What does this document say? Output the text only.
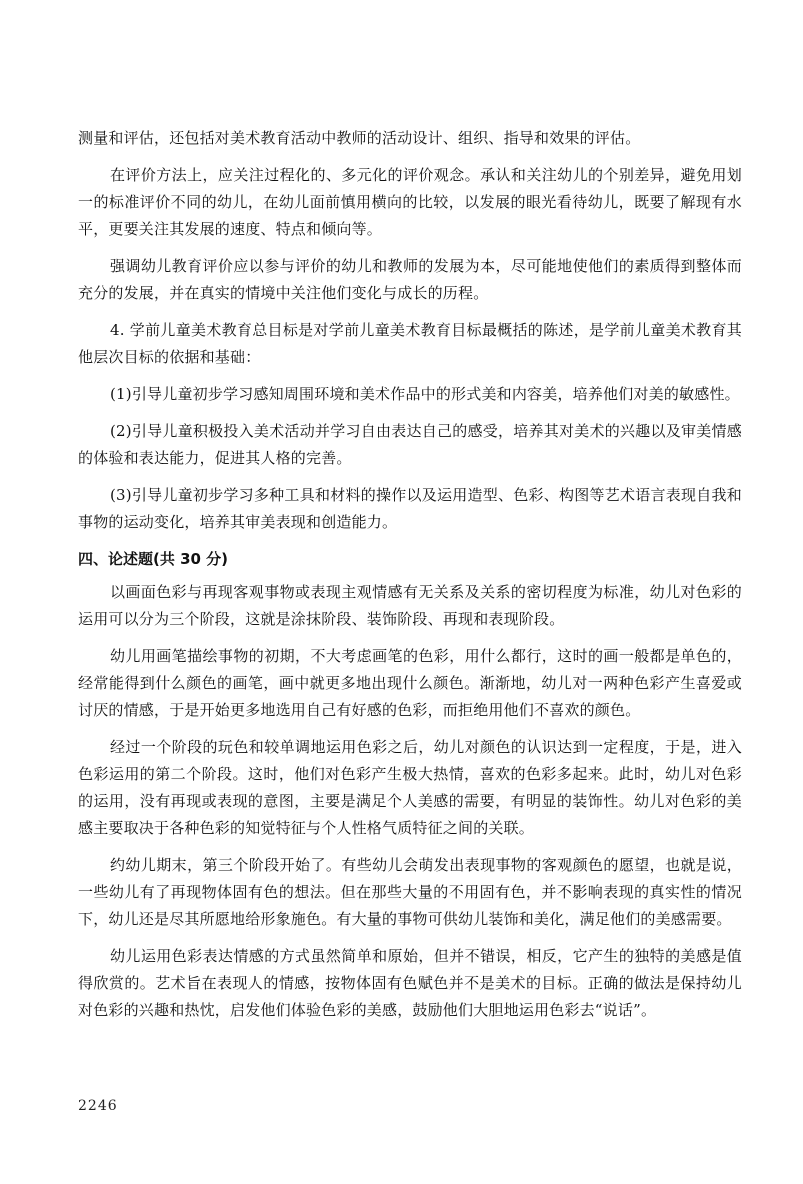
测量和评估，还包括对美术教育活动中教师的活动设计、组织、指导和效果的评估。

在评价方法上，应关注过程化的、多元化的评价观念。承认和关注幼儿的个别差异，避免用划一的标准评价不同的幼儿，在幼儿面前慎用横向的比较，以发展的眼光看待幼儿，既要了解现有水平，更要关注其发展的速度、特点和倾向等。

强调幼儿教育评价应以参与评价的幼儿和教师的发展为本，尽可能地使他们的素质得到整体而充分的发展，并在真实的情境中关注他们变化与成长的历程。

4. 学前儿童美术教育总目标是对学前儿童美术教育目标最概括的陈述，是学前儿童美术教育其他层次目标的依据和基础：

(1)引导儿童初步学习感知周围环境和美术作品中的形式美和内容美，培养他们对美的敏感性。

(2)引导儿童积极投入美术活动并学习自由表达自己的感受，培养其对美术的兴趣以及审美情感的体验和表达能力，促进其人格的完善。

(3)引导儿童初步学习多种工具和材料的操作以及运用造型、色彩、构图等艺术语言表现自我和事物的运动变化，培养其审美表现和创造能力。

四、论述题(共 30 分)

以画面色彩与再现客观事物或表现主观情感有无关系及关系的密切程度为标准，幼儿对色彩的运用可以分为三个阶段，这就是涂抹阶段、装饰阶段、再现和表现阶段。

幼儿用画笔描绘事物的初期，不大考虑画笔的色彩，用什么都行，这时的画一般都是单色的，经常能得到什么颜色的画笔，画中就更多地出现什么颜色。渐渐地，幼儿对一两种色彩产生喜爱或讨厌的情感，于是开始更多地选用自己有好感的色彩，而拒绝用他们不喜欢的颜色。

经过一个阶段的玩色和较单调地运用色彩之后，幼儿对颜色的认识达到一定程度，于是，进入色彩运用的第二个阶段。这时，他们对色彩产生极大热情，喜欢的色彩多起来。此时，幼儿对色彩的运用，没有再现或表现的意图，主要是满足个人美感的需要，有明显的装饰性。幼儿对色彩的美感主要取决于各种色彩的知觉特征与个人性格气质特征之间的关联。

约幼儿期末，第三个阶段开始了。有些幼儿会萌发出表现事物的客观颜色的愿望，也就是说，一些幼儿有了再现物体固有色的想法。但在那些大量的不用固有色，并不影响表现的真实性的情况下，幼儿还是尽其所愿地给形象施色。有大量的事物可供幼儿装饰和美化，满足他们的美感需要。

幼儿运用色彩表达情感的方式虽然简单和原始，但并不错误，相反，它产生的独特的美感是值得欣赏的。艺术旨在表现人的情感，按物体固有色赋色并不是美术的目标。正确的做法是保持幼儿对色彩的兴趣和热忱，启发他们体验色彩的美感，鼓励他们大胆地运用色彩去“说话”。

2246
